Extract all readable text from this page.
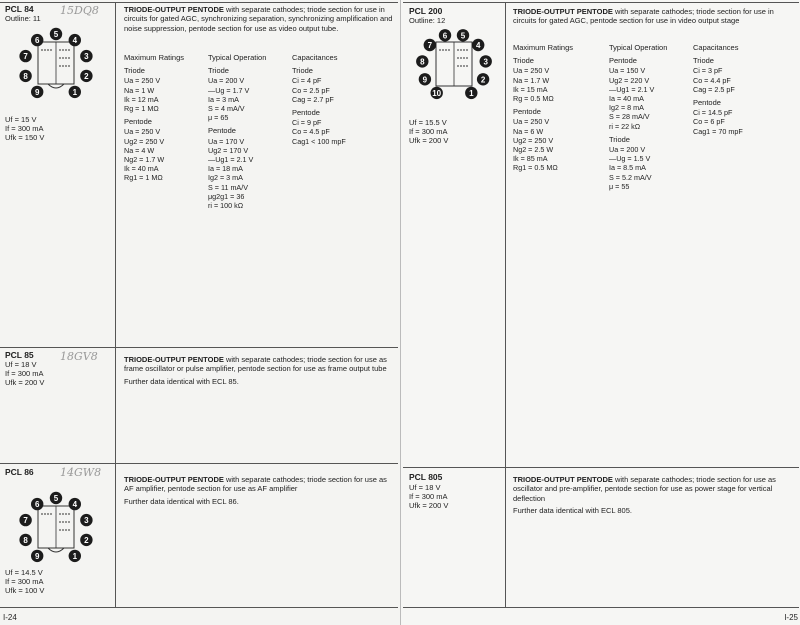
PCL 84
Outline: 11
15DQ8
1
2
3
4
5
6
7
8
9
Uf = 15 V
If = 300 mA
Ufk = 150 V
TRIODE-OUTPUT PENTODE with separate cathodes; triode section for use in circuits for gated AGC, synchronizing separation, synchronizing amplification and noise suppression, pentode section for use as video output tube.
Maximum Ratings
Triode
Ua = 250 V
Na = 1 W
Ik = 12 mA
Rg = 1 MΩ
Pentode
Ua = 250 V
Ug2 = 250 V
Na = 4 W
Ng2 = 1.7 W
Ik = 40 mA
Rg1 = 1 MΩ
Typical Operation
Triode
Ua = 200 V
—Ug = 1.7 V
Ia = 3 mA
S = 4 mA/V
μ = 65
Pentode
Ua = 170 V
Ug2 = 170 V
—Ug1 = 2.1 V
Ia = 18 mA
Ig2 = 3 mA
S = 11 mA/V
μg2g1 = 36
ri = 100 kΩ
Capacitances
Triode
Ci = 4 pF
Co = 2.5 pF
Cag = 2.7 pF
Pentode
Ci = 9 pF
Co = 4.5 pF
Cag1 < 100 mpF
PCL 85 18GV8
Uf = 18 V
If = 300 mA
Ufk = 200 V
TRIODE-OUTPUT PENTODE with separate cathodes; triode section for use as frame oscillator or pulse amplifier, pentode section for use as frame output tube
Further data identical with ECL 85.
PCL 86 14GW8
1
2
3
4
5
6
7
8
9
Uf = 14.5 V
If = 300 mA
Ufk = 100 V
TRIODE-OUTPUT PENTODE with separate cathodes; triode section for use as AF amplifier, pentode section for use as AF amplifier
Further data identical with ECL 86.
I-24
PCL 200
Outline: 12
1
2
3
4
5
6
7
8
9
10
Uf = 15.5 V
If = 300 mA
Ufk = 200 V
TRIODE-OUTPUT PENTODE with separate cathodes; triode section for use in circuits for gated AGC, pentode section for use in video output stage
Maximum Ratings
Triode
Ua = 250 V
Na = 1.7 W
Ik = 15 mA
Rg = 0.5 MΩ
Pentode
Ua = 250 V
Na = 6 W
Ug2 = 250 V
Ng2 = 2.5 W
Ik = 85 mA
Rg1 = 0.5 MΩ
Typical Operation
Pentode
Ua = 150 V
Ug2 = 220 V
—Ug1 = 2.1 V
Ia = 40 mA
Ig2 = 8 mA
S = 28 mA/V
ri = 22 kΩ
Triode
Ua = 200 V
—Ug = 1.5 V
Ia = 8.5 mA
S = 5.2 mA/V
μ = 55
Capacitances
Triode
Ci = 3 pF
Co = 4.4 pF
Cag = 2.5 pF
Pentode
Ci = 14.5 pF
Co = 6 pF
Cag1 = 70 mpF
PCL 805
Uf = 18 V
If = 300 mA
Ufk = 200 V
TRIODE-OUTPUT PENTODE with separate cathodes; triode section for use as oscillator and pre-amplifier, pentode section for use as power stage for vertical deflection
Further data identical with ECL 805.
I-25
